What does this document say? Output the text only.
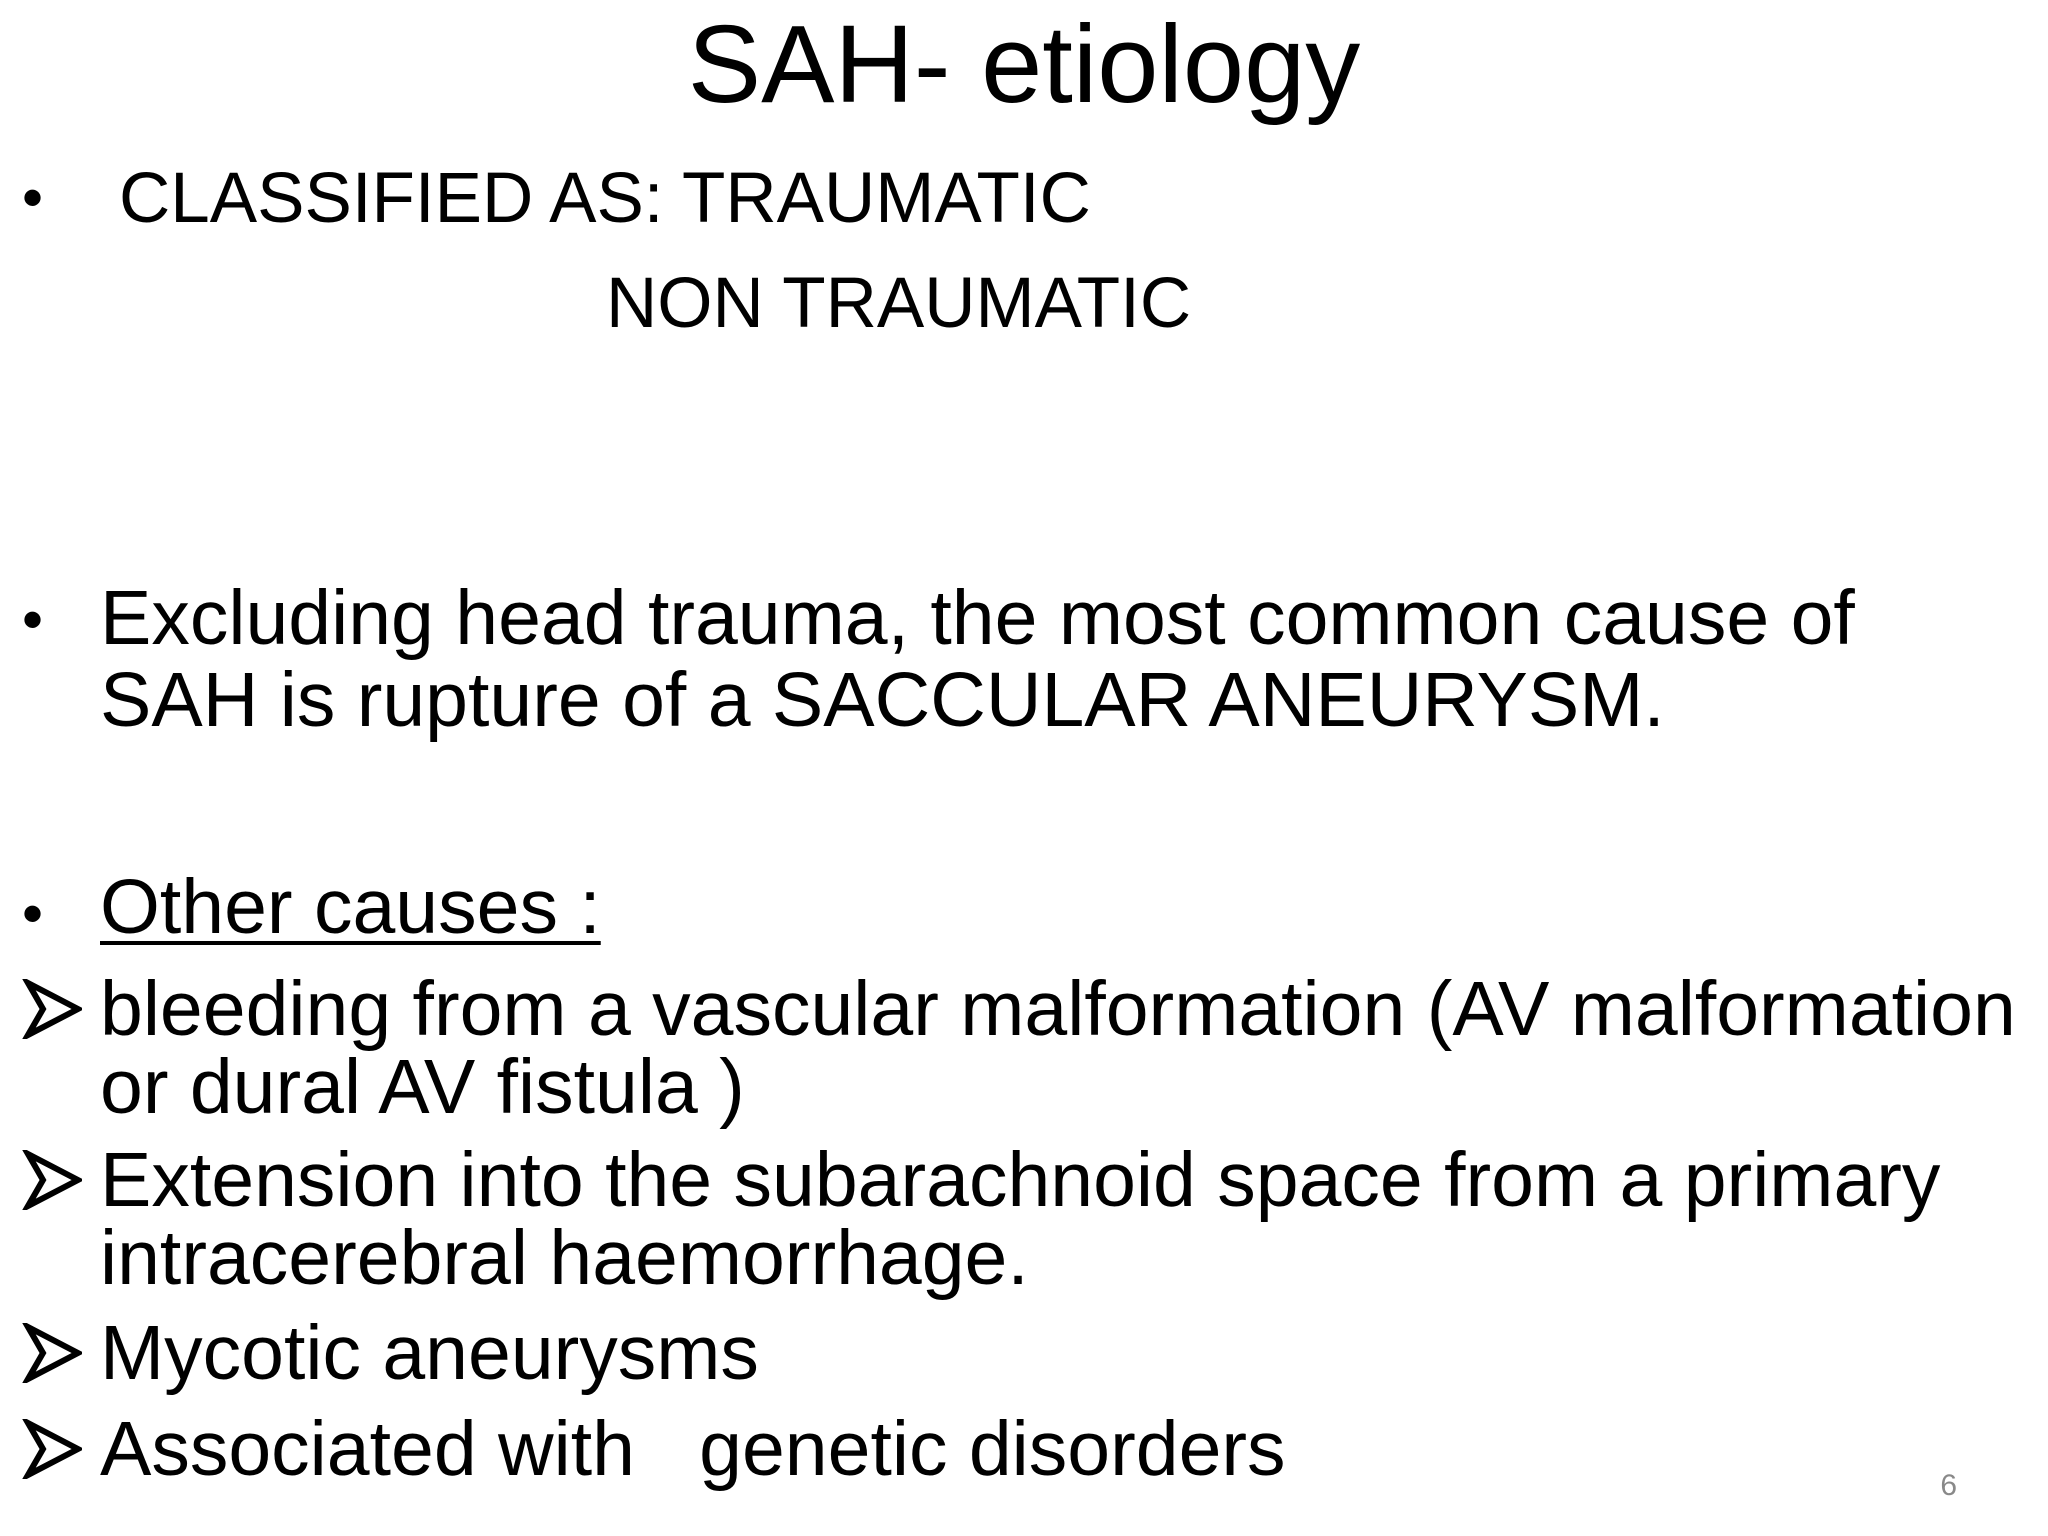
SAH- etiology
• CLASSIFIED AS: TRAUMATIC
NON TRAUMATIC
• Excluding head trauma, the most common cause of
SAH is rupture of a SACCULAR ANEURYSM.
• Other causes :
bleeding from a vascular malformation (AV malformation
or dural AV fistula )
Extension into the subarachnoid space from a primary
intracerebral haemorrhage.
Mycotic aneurysms
Associated with   genetic disorders	6
